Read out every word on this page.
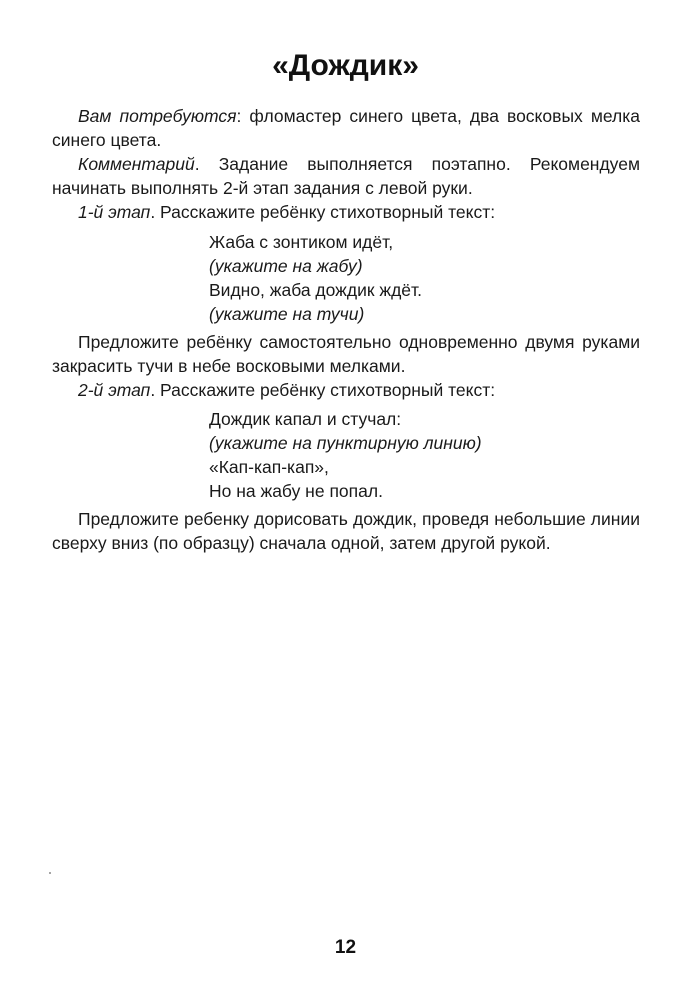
«Дождик»

Вам потребуются: фломастер синего цвета, два восковых мелка синего цвета.

Комментарий. Задание выполняется поэтапно. Рекомендуем начинать выполнять 2-й этап задания с левой руки.

1-й этап. Расскажите ребёнку стихотворный текст:

Жаба с зонтиком идёт,
(укажите на жабу)
Видно, жаба дождик ждёт.
(укажите на тучи)

Предложите ребёнку самостоятельно одновременно двумя руками закрасить тучи в небе восковыми мелками.

2-й этап. Расскажите ребёнку стихотворный текст:

Дождик капал и стучал:
(укажите на пунктирную линию)
«Кап-кап-кап»,
Но на жабу не попал.

Предложите ребенку дорисовать дождик, проведя небольшие линии сверху вниз (по образцу) сначала одной, затем другой рукой.

12
